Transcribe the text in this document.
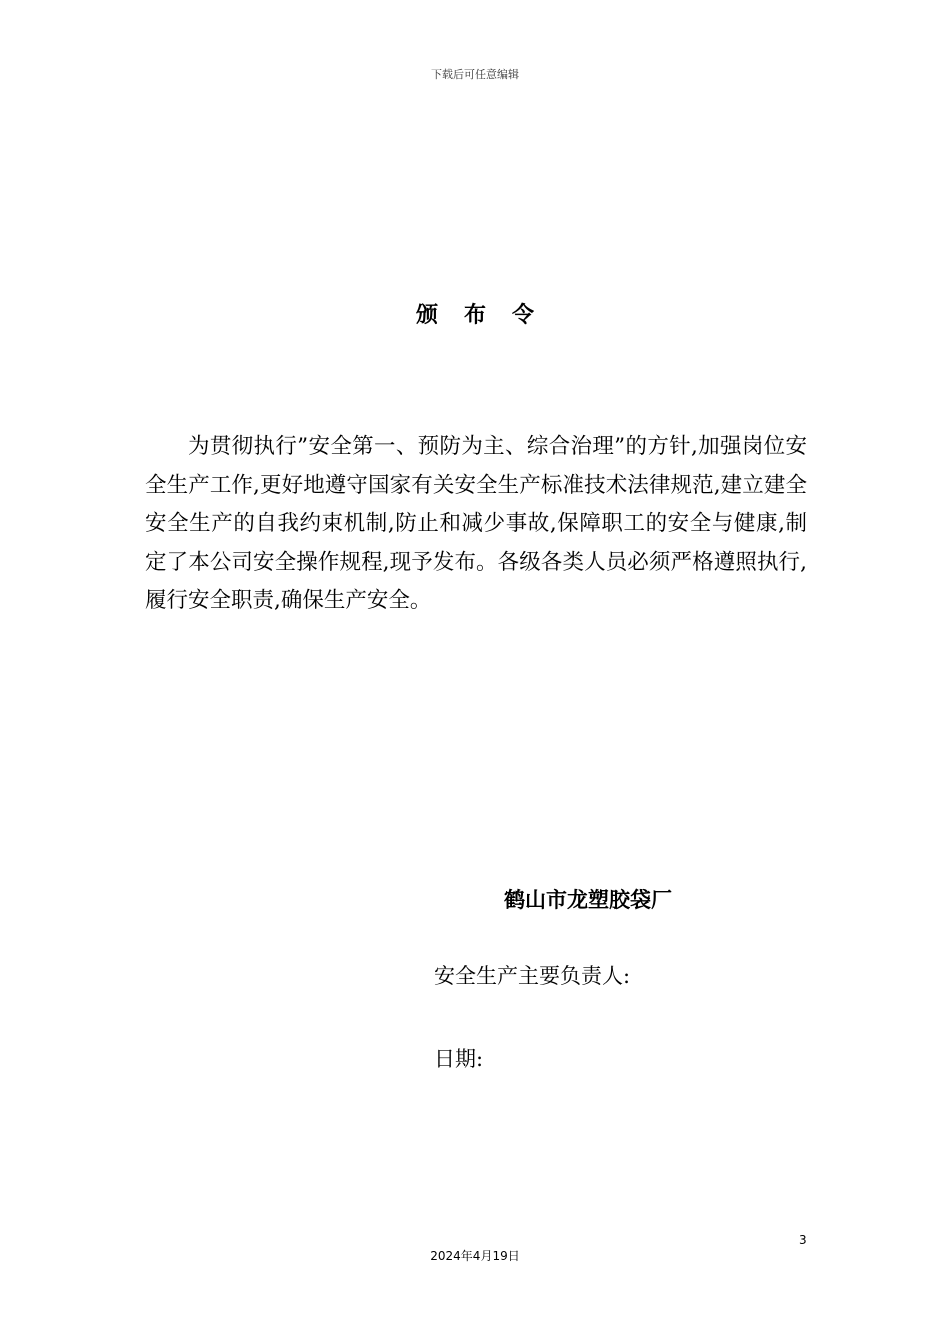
下载后可任意编辑
颁布令

为贯彻执行”安全第一、预防为主、综合治理”的方针,加强岗位安全生产工作,更好地遵守国家有关安全生产标准技术法律规范,建立建全安全生产的自我约束机制,防止和减少事故,保障职工的安全与健康,制定了本公司安全操作规程,现予发布。各级各类人员必须严格遵照执行,履行安全职责,确保生产安全。

鹤山市龙塑胶袋厂
安全生产主要负责人:
日期:
3
2024年4月19日
